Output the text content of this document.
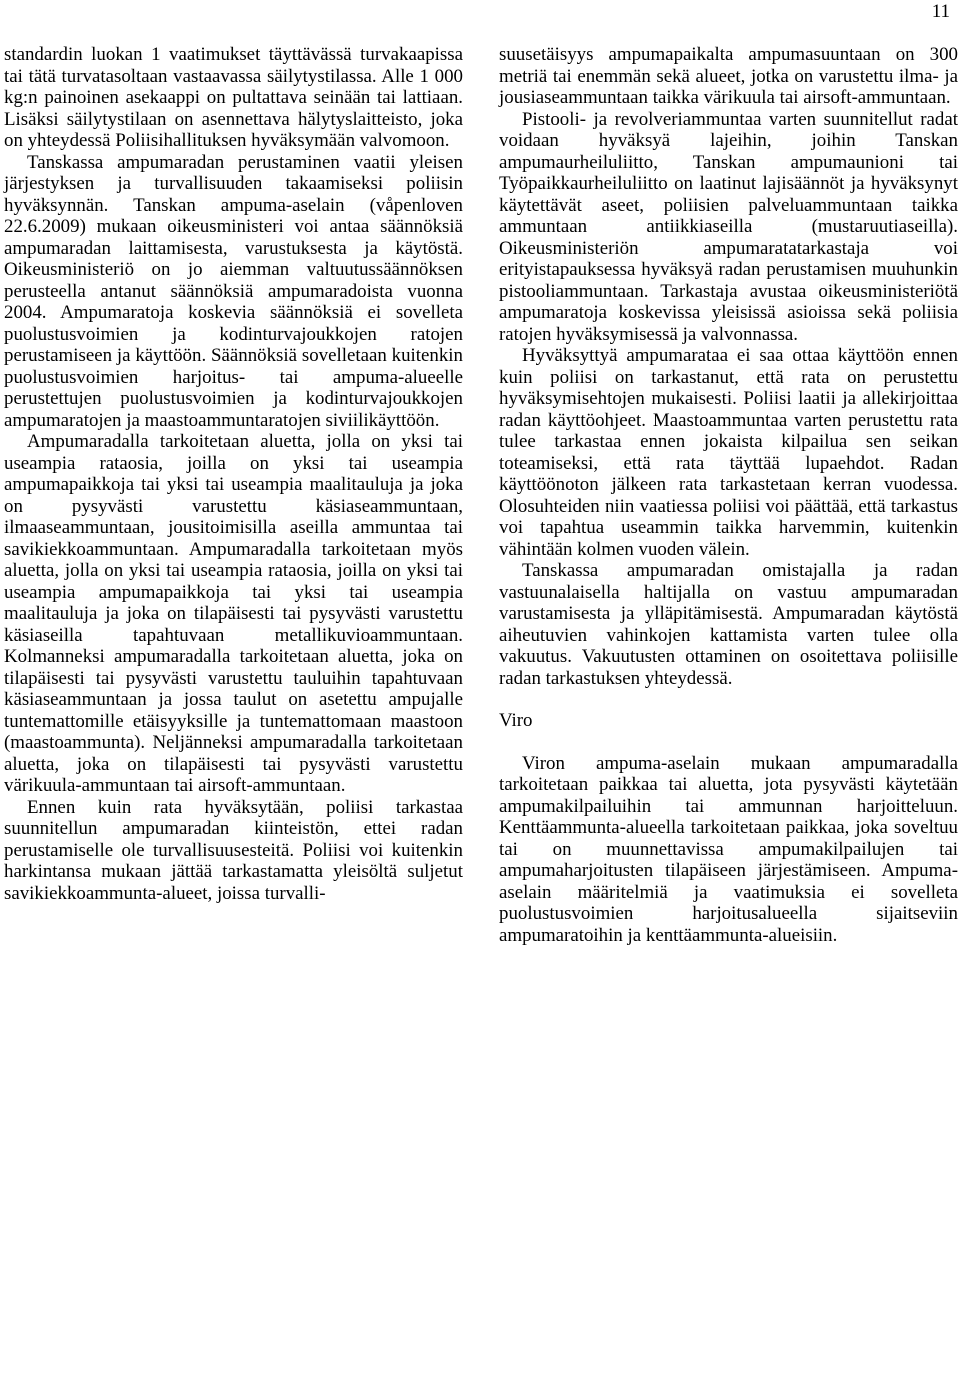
11

standardin luokan 1 vaatimukset täyttävässä turvakaapissa tai tätä turvatasoltaan vastaavassa säilytystilassa. Alle 1 000 kg:n painoinen asekaappi on pultattava seinään tai lattiaan. Lisäksi säilytystilaan on asennettava hälytyslaitteisto, joka on yhteydessä Poliisihallituksen hyväksymään valvomoon.

Tanskassa ampumaradan perustaminen vaatii yleisen järjestyksen ja turvallisuuden takaamiseksi poliisin hyväksynnän. Tanskan ampuma-aselain (våpenloven 22.6.2009) mukaan oikeusministeri voi antaa säännöksiä ampumaradan laittamisesta, varustuksesta ja käytöstä. Oikeusministeriö on jo aiemman valtuutussäännöksen perusteella antanut säännöksiä ampumaradoista vuonna 2004. Ampumaratoja koskevia säännöksiä ei sovelleta puolustusvoimien ja kodinturvajoukkojen ratojen perustamiseen ja käyttöön. Säännöksiä sovelletaan kuitenkin puolustusvoimien harjoitus- tai ampuma-alueelle perustettujen puolustusvoimien ja kodinturvajoukkojen ampumaratojen ja maastoammuntaratojen siviilikäyttöön.

Ampumaradalla tarkoitetaan aluetta, jolla on yksi tai useampia rataosia, joilla on yksi tai useampia ampumapaikkoja tai yksi tai useampia maalitauluja ja joka on pysyvästi varustettu käsiaseammuntaan, ilmaaseammuntaan, jousitoimisilla aseilla ammuntaa tai savikiekkoammuntaan. Ampumaradalla tarkoitetaan myös aluetta, jolla on yksi tai useampia rataosia, joilla on yksi tai useampia ampumapaikkoja tai yksi tai useampia maalitauluja ja joka on tilapäisesti tai pysyvästi varustettu käsiaseilla tapahtuvaan metallikuvioammuntaan. Kolmanneksi ampumaradalla tarkoitetaan aluetta, joka on tilapäisesti tai pysyvästi varustettu tauluihin tapahtuvaan käsiaseammuntaan ja jossa taulut on asetettu ampujalle tuntemattomille etäisyyksille ja tuntemattomaan maastoon (maastoammunta). Neljänneksi ampumaradalla tarkoitetaan aluetta, joka on tilapäisesti tai pysyvästi varustettu värikuula-ammuntaan tai airsoft-ammuntaan.

Ennen kuin rata hyväksytään, poliisi tarkastaa suunnitellun ampumaradan kiinteistön, ettei radan perustamiselle ole turvallisuusesteitä. Poliisi voi kuitenkin harkintansa mukaan jättää tarkastamatta yleisöltä suljetut savikiekkoammunta-alueet, joissa turvalli-

suusetäisyys ampumapaikalta ampumasuuntaan on 300 metriä tai enemmän sekä alueet, jotka on varustettu ilma- ja jousiaseammuntaan taikka värikuula tai airsoft-ammuntaan.

Pistooli- ja revolveriammuntaa varten suunnitellut radat voidaan hyväksyä lajeihin, joihin Tanskan ampumaurheiluliitto, Tanskan ampumaunioni tai Työpaikkaurheiluliitto on laatinut lajisäännöt ja hyväksynyt käytettävät aseet, poliisien palveluammuntaan taikka ammuntaan antiikkiaseilla (mustaruutiaseilla). Oikeusministeriön ampumaratatarkastaja voi erityistapauksessa hyväksyä radan perustamisen muuhunkin pistooliammuntaan. Tarkastaja avustaa oikeusministeriötä ampumaratoja koskevissa yleisissä asioissa sekä poliisia ratojen hyväksymisessä ja valvonnassa.

Hyväksyttyä ampumarataa ei saa ottaa käyttöön ennen kuin poliisi on tarkastanut, että rata on perustettu hyväksymisehtojen mukaisesti. Poliisi laatii ja allekirjoittaa radan käyttöohjeet. Maastoammuntaa varten perustettu rata tulee tarkastaa ennen jokaista kilpailua sen seikan toteamiseksi, että rata täyttää lupaehdot. Radan käyttöönoton jälkeen rata tarkastetaan kerran vuodessa. Olosuhteiden niin vaatiessa poliisi voi päättää, että tarkastus voi tapahtua useammin taikka harvemmin, kuitenkin vähintään kolmen vuoden välein.

Tanskassa ampumaradan omistajalla ja radan vastuunalaisella haltijalla on vastuu ampumaradan varustamisesta ja ylläpitämisestä. Ampumaradan käytöstä aiheutuvien vahinkojen kattamista varten tulee olla vakuutus. Vakuutusten ottaminen on osoitettava poliisille radan tarkastuksen yhteydessä.

Viro

Viron ampuma-aselain mukaan ampumaradalla tarkoitetaan paikkaa tai aluetta, jota pysyvästi käytetään ampumakilpailuihin tai ammunnan harjoitteluun. Kenttäammunta-alueella tarkoitetaan paikkaa, joka soveltuu tai on muunnettavissa ampumakilpailujen tai ampumaharjoitusten tilapäiseen järjestämiseen. Ampuma-aselain määritelmiä ja vaatimuksia ei sovelleta puolustusvoimien harjoitusalueella sijaitseviin ampumaratoihin ja kenttäammunta-alueisiin.
